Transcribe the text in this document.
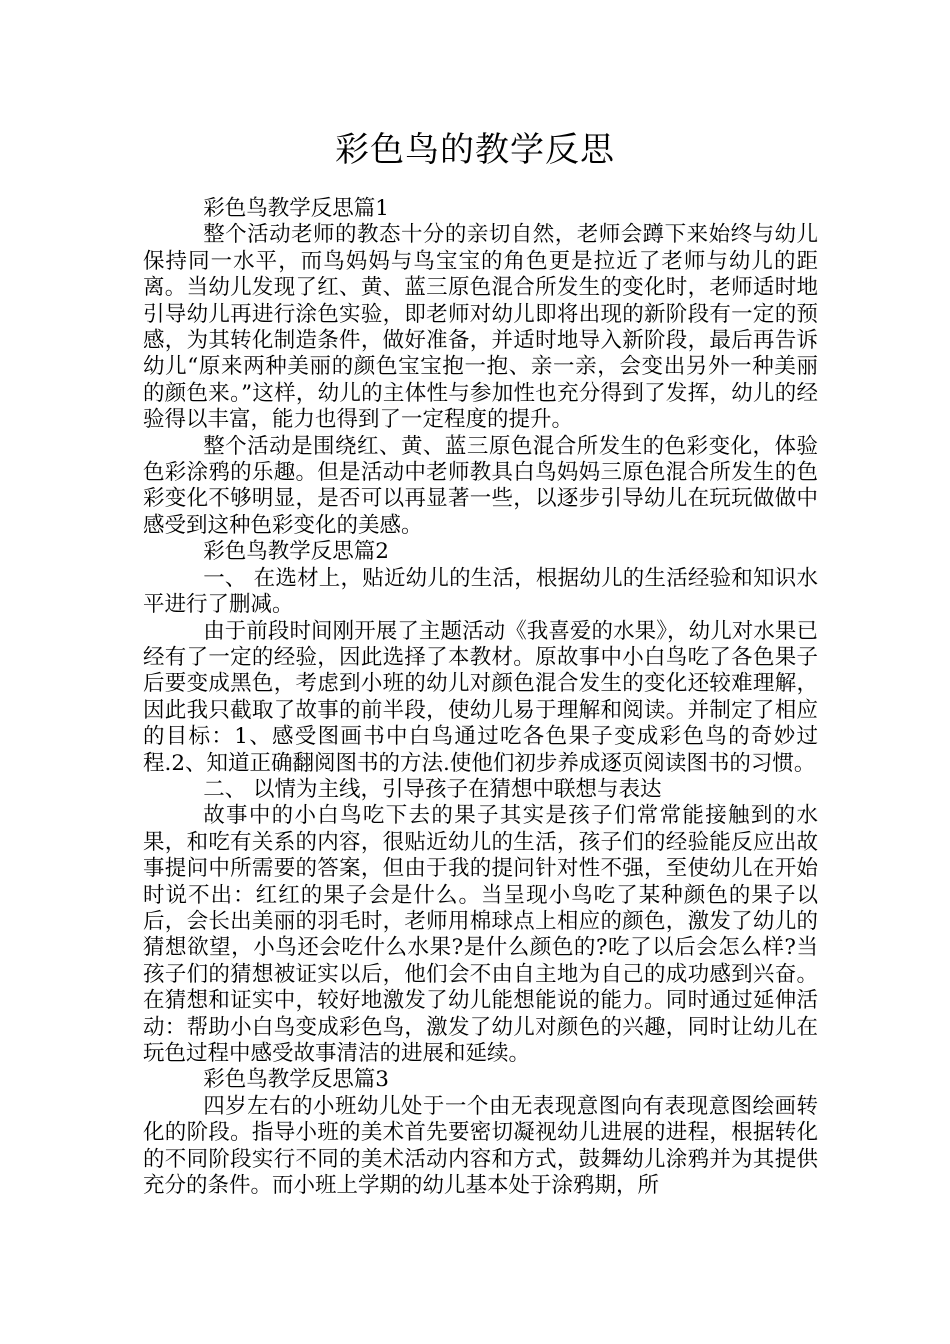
彩色鸟的教学反思

彩色鸟教学反思篇1

整个活动老师的教态十分的亲切自然，老师会蹲下来始终与幼儿保持同一水平，而鸟妈妈与鸟宝宝的角色更是拉近了老师与幼儿的距离。当幼儿发现了红、黄、蓝三原色混合所发生的变化时，老师适时地引导幼儿再进行涂色实验，即老师对幼儿即将出现的新阶段有一定的预感，为其转化制造条件，做好准备，并适时地导入新阶段，最后再告诉幼儿“原来两种美丽的颜色宝宝抱一抱、亲一亲，会变出另外一种美丽的颜色来。”这样，幼儿的主体性与参加性也充分得到了发挥，幼儿的经验得以丰富，能力也得到了一定程度的提升。

整个活动是围绕红、黄、蓝三原色混合所发生的色彩变化，体验色彩涂鸦的乐趣。但是活动中老师教具白鸟妈妈三原色混合所发生的色彩变化不够明显，是否可以再显著一些，以逐步引导幼儿在玩玩做做中感受到这种色彩变化的美感。

彩色鸟教学反思篇2

一、 在选材上，贴近幼儿的生活，根据幼儿的生活经验和知识水平进行了删减。

由于前段时间刚开展了主题活动《我喜爱的水果》，幼儿对水果已经有了一定的经验，因此选择了本教材。原故事中小白鸟吃了各色果子后要变成黑色，考虑到小班的幼儿对颜色混合发生的变化还较难理解，因此我只截取了故事的前半段，使幼儿易于理解和阅读。并制定了相应的目标：1、感受图画书中白鸟通过吃各色果子变成彩色鸟的奇妙过程.2、知道正确翻阅图书的方法.使他们初步养成逐页阅读图书的习惯。

二、 以情为主线，引导孩子在猜想中联想与表达

故事中的小白鸟吃下去的果子其实是孩子们常常能接触到的水果，和吃有关系的内容，很贴近幼儿的生活，孩子们的经验能反应出故事提问中所需要的答案，但由于我的提问针对性不强，至使幼儿在开始时说不出：红红的果子会是什么。当呈现小鸟吃了某种颜色的果子以后，会长出美丽的羽毛时，老师用棉球点上相应的颜色，激发了幼儿的猜想欲望，小鸟还会吃什么水果?是什么颜色的?吃了以后会怎么样?当孩子们的猜想被证实以后，他们会不由自主地为自己的成功感到兴奋。在猜想和证实中，较好地激发了幼儿能想能说的能力。同时通过延伸活动：帮助小白鸟变成彩色鸟，激发了幼儿对颜色的兴趣，同时让幼儿在玩色过程中感受故事清洁的进展和延续。

彩色鸟教学反思篇3

四岁左右的小班幼儿处于一个由无表现意图向有表现意图绘画转化的阶段。指导小班的美术首先要密切凝视幼儿进展的进程，根据转化的不同阶段实行不同的美术活动内容和方式，鼓舞幼儿涂鸦并为其提供充分的条件。而小班上学期的幼儿基本处于涂鸦期，所
